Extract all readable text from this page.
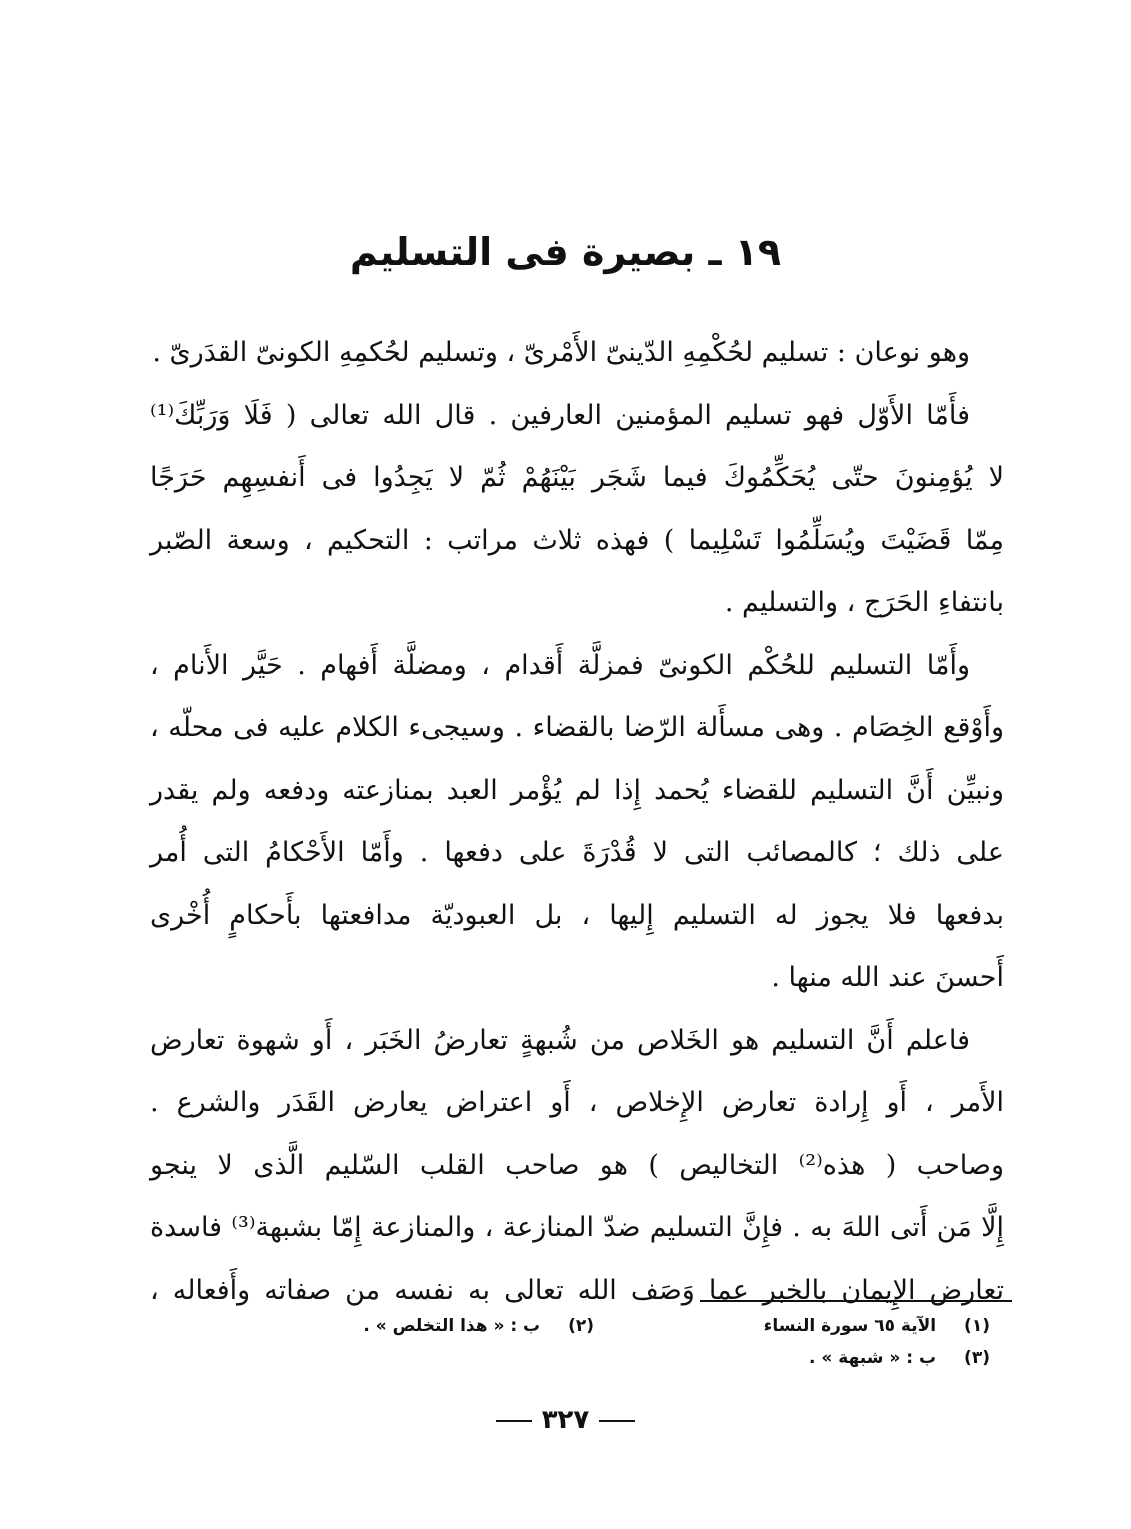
١٩ ـ بصيرة فى التسليم
وهو نوعان : تسليم لحُكْمِهِ الدّينىّ الأَمْرىّ ، وتسليم لحُكمِهِ الكونىّ القدَرىّ .
فأَمّا الأَوّل فهو تسليم المؤمنين العارفين . قال الله تعالى ( فَلَا وَرَبِّكَ⁽¹⁾
لا يُؤمِنونَ حتّى يُحَكِّمُوكَ فيما شَجَر بَيْنَهُمْ ثُمّ لا يَجِدُوا فى أَنفسِهِم حَرَجًا
مِمّا قَضَيْتَ ويُسَلِّمُوا تَسْلِيما ) فهذه ثلاث مراتب : التحكيم ، وسعة الصّبر
بانتفاءِ الحَرَج ، والتسليم .
وأَمّا التسليم للحُكْم الكونىّ فمزلَّة أَقدام ، ومضلَّة أَفهام . حَيَّر الأَنام ،
وأَوْقع الخِصَام . وهى مسأَلة الرّضا بالقضاء . وسيجىء الكلام عليه فى محلّه ،
ونبيِّن أَنَّ التسليم للقضاء يُحمد إِذا لم يُؤْمر العبد بمنازعته ودفعه ولم يقدر
على ذلك ؛ كالمصائب التى لا قُدْرَةَ على دفعها . وأَمّا الأَحْكامُ التى أُمر
بدفعها فلا يجوز له التسليم إِليها ، بل العبوديّة مدافعتها بأَحكامٍ أُخْرى
أَحسنَ عند الله منها .
فاعلم أَنَّ التسليم هو الخَلاص من شُبهةٍ تعارضُ الخَبَر ، أَو شهوة تعارض
الأَمر ، أَو إِرادة تعارض الإِخلاص ، أَو اعتراض يعارض القَدَر والشرع .
وصاحب ( هذه⁽²⁾ التخاليص ) هو صاحب القلب السّليم الَّذى لا ينجو
إِلَّا مَن أَتى اللهَ به . فإِنَّ التسليم ضدّ المنازعة ، والمنازعة إِمّا بشبهة⁽³⁾ فاسدة
تعارض الإِيمان بالخبر عما وَصَف الله تعالى به نفسه من صفاته وأَفعاله ،
(١) الآية ٦٥ سورة النساء (٢) ب : « هذا التخلص » .
(٣) ب : « شبهة » .
٣٢٧
